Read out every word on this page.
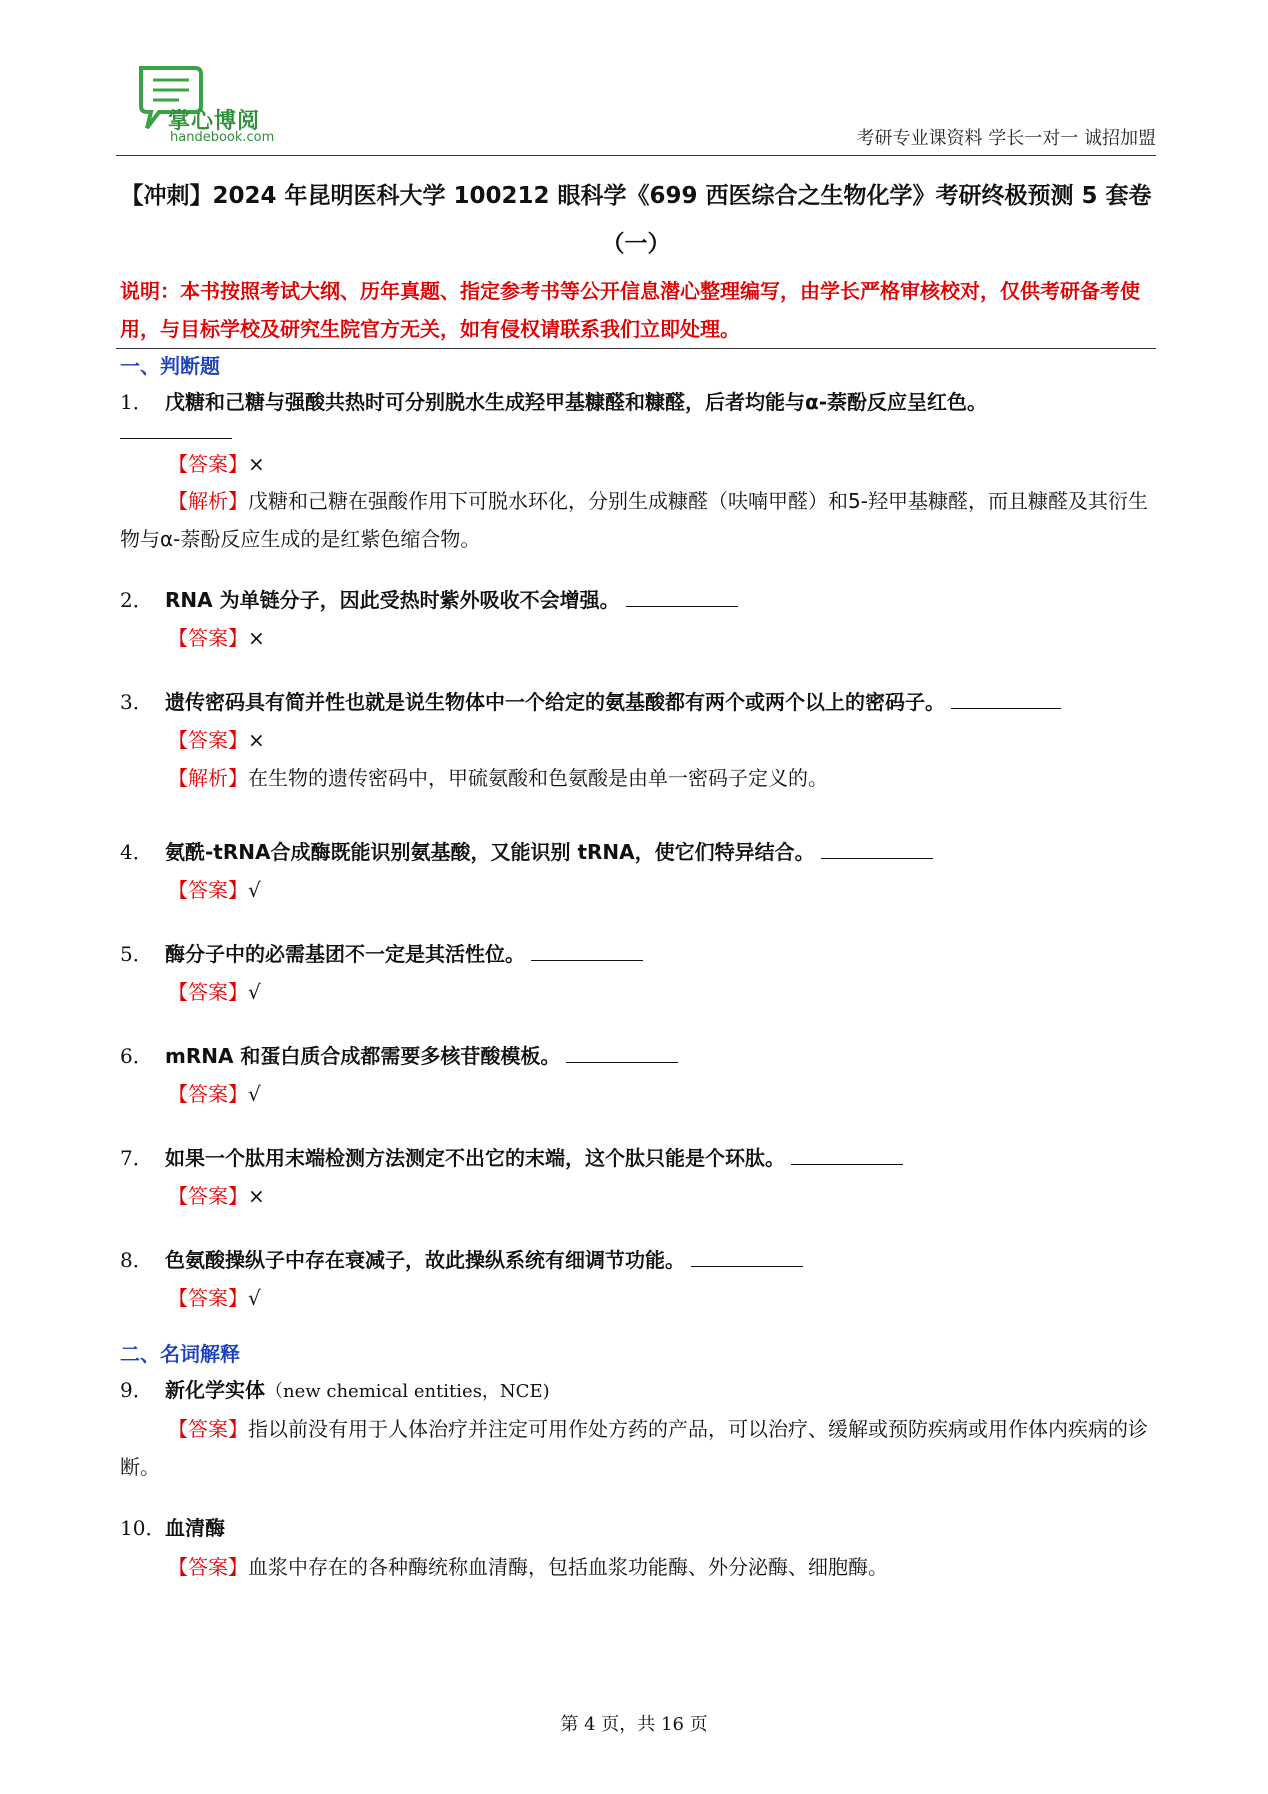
掌心博阅
handebook.com	考研专业课资料 学长一对一 诚招加盟
【冲刺】2024 年昆明医科大学 100212 眼科学《699 西医综合之生物化学》考研终极预测 5 套卷（一）
说明：本书按照考试大纲、历年真题、指定参考书等公开信息潜心整理编写，由学长严格审核校对，仅供考研备考使用，与目标学校及研究生院官方无关，如有侵权请联系我们立即处理。
一、判断题
1． 戊糖和己糖与强酸共热时可分别脱水生成羟甲基糠醛和糠醛，后者均能与α-萘酚反应呈红色。
【答案】×
【解析】戊糖和己糖在强酸作用下可脱水环化，分别生成糠醛（呋喃甲醛）和5-羟甲基糠醛，而且糠醛及其衍生物与α-萘酚反应生成的是红紫色缩合物。
2． RNA 为单链分子，因此受热时紫外吸收不会增强。
【答案】×
3． 遗传密码具有简并性也就是说生物体中一个给定的氨基酸都有两个或两个以上的密码子。
【答案】×
【解析】在生物的遗传密码中，甲硫氨酸和色氨酸是由单一密码子定义的。
4． 氨酰-tRNA合成酶既能识别氨基酸，又能识别 tRNA，使它们特异结合。
【答案】√
5． 酶分子中的必需基团不一定是其活性位。
【答案】√
6． mRNA 和蛋白质合成都需要多核苷酸模板。
【答案】√
7． 如果一个肽用末端检测方法测定不出它的末端，这个肽只能是个环肽。
【答案】×
8． 色氨酸操纵子中存在衰减子，故此操纵系统有细调节功能。
【答案】√
二、名词解释
9． 新化学实体（new chemical entities，NCE)
【答案】指以前没有用于人体治疗并注定可用作处方药的产品，可以治疗、缓解或预防疾病或用作体内疾病的诊断。
10．血清酶
【答案】血浆中存在的各种酶统称血清酶，包括血浆功能酶、外分泌酶、细胞酶。
第 4 页，共 16 页
